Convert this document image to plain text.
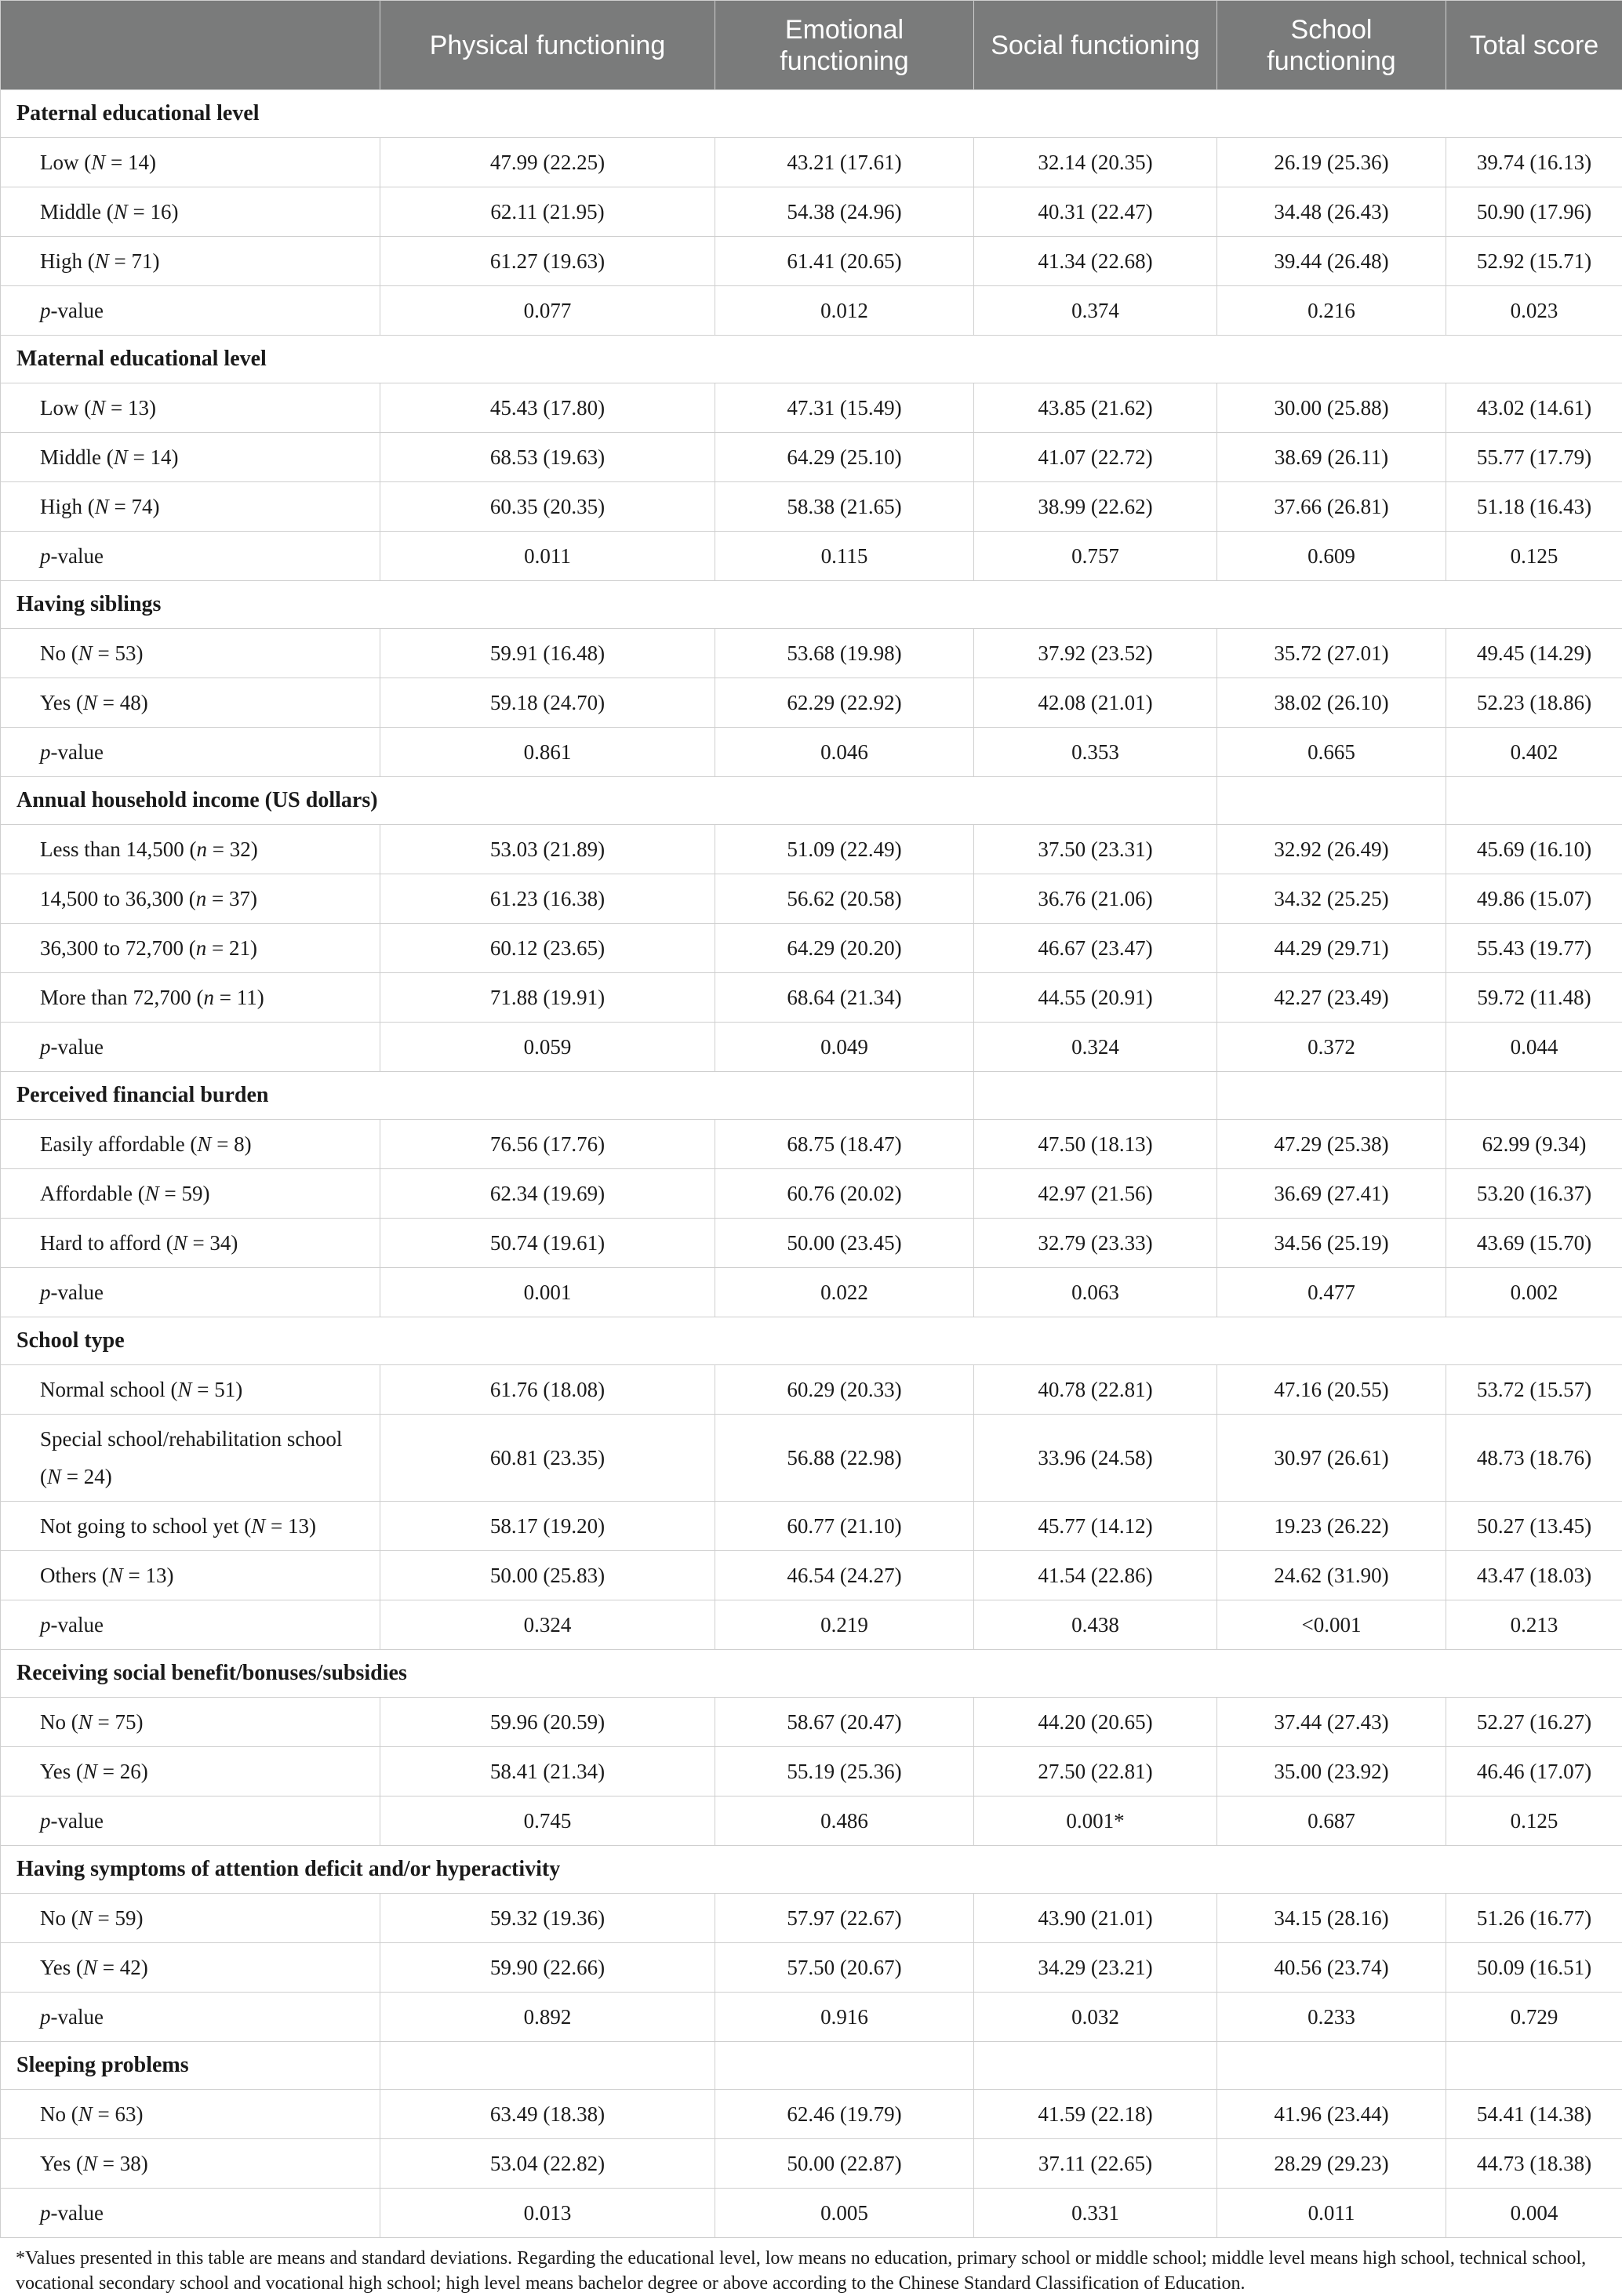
	Physical functioning	Emotional functioning	Social functioning	School functioning	Total score
Paternal educational level					
Low (N = 14)	47.99 (22.25)	43.21 (17.61)	32.14 (20.35)	26.19 (25.36)	39.74 (16.13)
Middle (N = 16)	62.11 (21.95)	54.38 (24.96)	40.31 (22.47)	34.48 (26.43)	50.90 (17.96)
High (N = 71)	61.27 (19.63)	61.41 (20.65)	41.34 (22.68)	39.44 (26.48)	52.92 (15.71)
p-value	0.077	0.012	0.374	0.216	0.023
Maternal educational level					
Low (N = 13)	45.43 (17.80)	47.31 (15.49)	43.85 (21.62)	30.00 (25.88)	43.02 (14.61)
Middle (N = 14)	68.53 (19.63)	64.29 (25.10)	41.07 (22.72)	38.69 (26.11)	55.77 (17.79)
High (N = 74)	60.35 (20.35)	58.38 (21.65)	38.99 (22.62)	37.66 (26.81)	51.18 (16.43)
p-value	0.011	0.115	0.757	0.609	0.125
Having siblings					
No (N = 53)	59.91 (16.48)	53.68 (19.98)	37.92 (23.52)	35.72 (27.01)	49.45 (14.29)
Yes (N = 48)	59.18 (24.70)	62.29 (22.92)	42.08 (21.01)	38.02 (26.10)	52.23 (18.86)
p-value	0.861	0.046	0.353	0.665	0.402
Annual household income (US dollars)					
Less than 14,500 (n = 32)	53.03 (21.89)	51.09 (22.49)	37.50 (23.31)	32.92 (26.49)	45.69 (16.10)
14,500 to 36,300 (n = 37)	61.23 (16.38)	56.62 (20.58)	36.76 (21.06)	34.32 (25.25)	49.86 (15.07)
36,300 to 72,700 (n = 21)	60.12 (23.65)	64.29 (20.20)	46.67 (23.47)	44.29 (29.71)	55.43 (19.77)
More than 72,700 (n = 11)	71.88 (19.91)	68.64 (21.34)	44.55 (20.91)	42.27 (23.49)	59.72 (11.48)
p-value	0.059	0.049	0.324	0.372	0.044
Perceived financial burden					
Easily affordable (N = 8)	76.56 (17.76)	68.75 (18.47)	47.50 (18.13)	47.29 (25.38)	62.99 (9.34)
Affordable (N = 59)	62.34 (19.69)	60.76 (20.02)	42.97 (21.56)	36.69 (27.41)	53.20 (16.37)
Hard to afford (N = 34)	50.74 (19.61)	50.00 (23.45)	32.79 (23.33)	34.56 (25.19)	43.69 (15.70)
p-value	0.001	0.022	0.063	0.477	0.002
School type					
Normal school (N = 51)	61.76 (18.08)	60.29 (20.33)	40.78 (22.81)	47.16 (20.55)	53.72 (15.57)
Special school/rehabilitation school (N = 24)	60.81 (23.35)	56.88 (22.98)	33.96 (24.58)	30.97 (26.61)	48.73 (18.76)
Not going to school yet (N = 13)	58.17 (19.20)	60.77 (21.10)	45.77 (14.12)	19.23 (26.22)	50.27 (13.45)
Others (N = 13)	50.00 (25.83)	46.54 (24.27)	41.54 (22.86)	24.62 (31.90)	43.47 (18.03)
p-value	0.324	0.219	0.438	<0.001	0.213
Receiving social benefit/bonuses/subsidies					
No (N = 75)	59.96 (20.59)	58.67 (20.47)	44.20 (20.65)	37.44 (27.43)	52.27 (16.27)
Yes (N = 26)	58.41 (21.34)	55.19 (25.36)	27.50 (22.81)	35.00 (23.92)	46.46 (17.07)
p-value	0.745	0.486	0.001*	0.687	0.125
Having symptoms of attention deficit and/or hyperactivity					
No (N = 59)	59.32 (19.36)	57.97 (22.67)	43.90 (21.01)	34.15 (28.16)	51.26 (16.77)
Yes (N = 42)	59.90 (22.66)	57.50 (20.67)	34.29 (23.21)	40.56 (23.74)	50.09 (16.51)
p-value	0.892	0.916	0.032	0.233	0.729
Sleeping problems					
No (N = 63)	63.49 (18.38)	62.46 (19.79)	41.59 (22.18)	41.96 (23.44)	54.41 (14.38)
Yes (N = 38)	53.04 (22.82)	50.00 (22.87)	37.11 (22.65)	28.29 (29.23)	44.73 (18.38)
p-value	0.013	0.005	0.331	0.011	0.004
*Values presented in this table are means and standard deviations. Regarding the educational level, low means no education, primary school or middle school; middle level means high school, technical school, vocational secondary school and vocational high school; high level means bachelor degree or above according to the Chinese Standard Classification of Education.
